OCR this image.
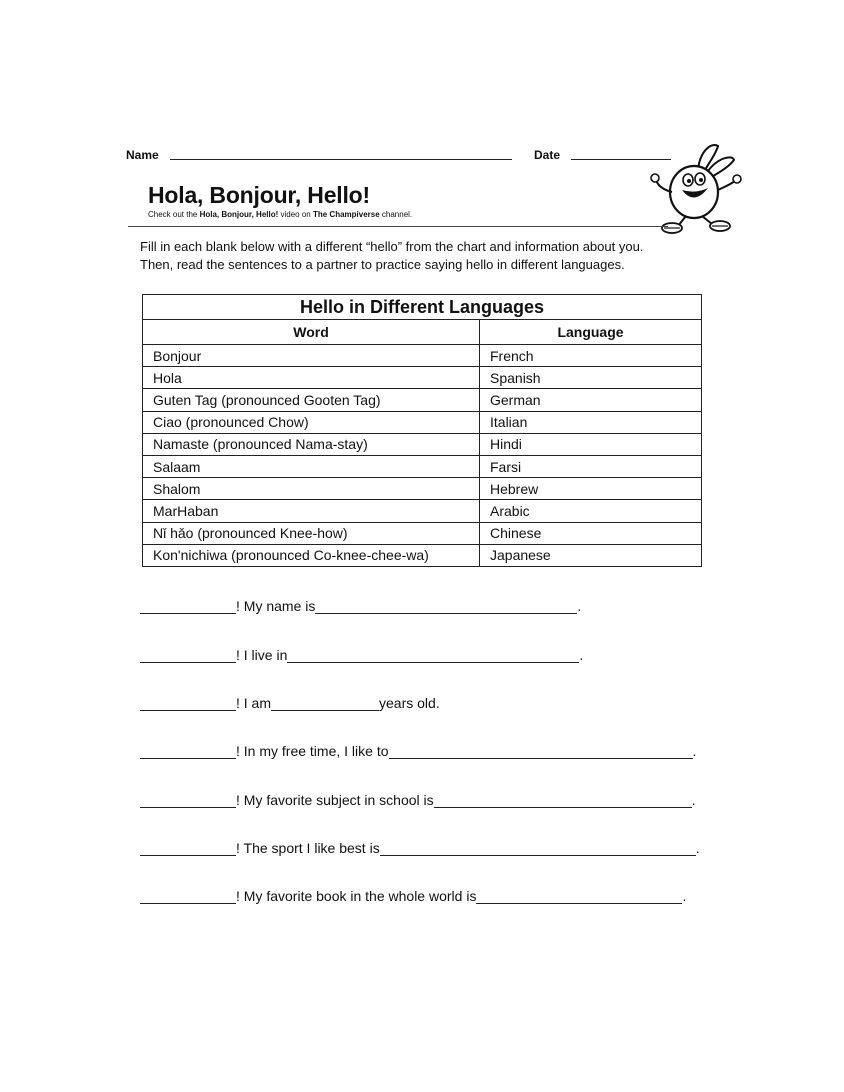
Name	Date
Hola, Bonjour, Hello!
Check out the Hola, Bonjour, Hello! video on The Champiverse channel.
Fill in each blank below with a different “hello” from the chart and information about you.
Then, read the sentences to a partner to practice saying hello in different languages.
Hello in Different Languages	
Word	Language
Bonjour	French
Hola	Spanish
Guten Tag (pronounced Gooten Tag)	German
Ciao (pronounced Chow)	Italian
Namaste (pronounced Nama-stay)	Hindi
Salaam	Farsi
Shalom	Hebrew
MarHaban	Arabic
Nǐ hǎo (pronounced Knee-how)	Chinese
Kon'nichiwa (pronounced Co-knee-chee-wa)	Japanese
! My name is	.
! I live in	.
! I am	years old.
! In my free time, I like to	.
! My favorite subject in school is	.
! The sport I like best is	.
! My favorite book in the whole world is	.
